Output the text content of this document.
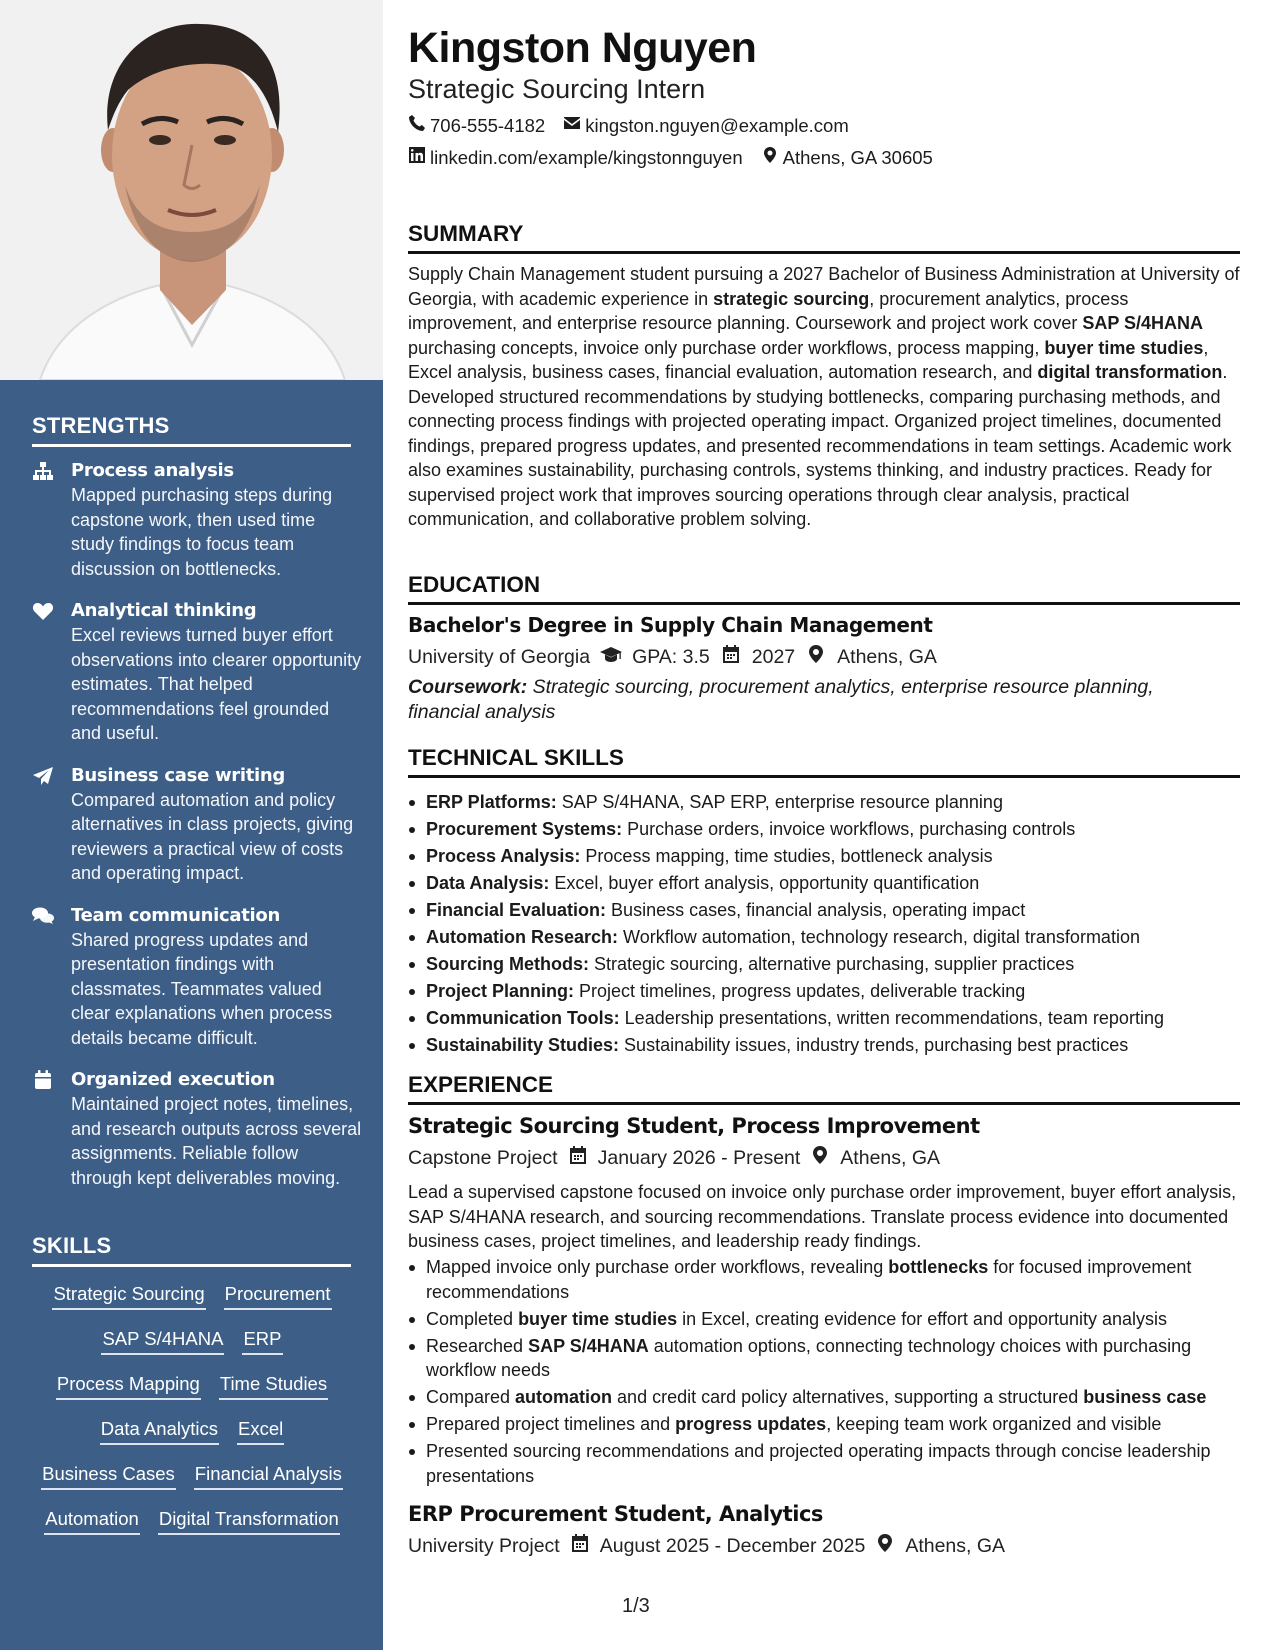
STRENGTHS
Process analysis
Mapped purchasing steps during capstone work, then used time study findings to focus team discussion on bottlenecks.
Analytical thinking
Excel reviews turned buyer effort observations into clearer opportunity estimates. That helped recommendations feel grounded and useful.
Business case writing
Compared automation and policy alternatives in class projects, giving reviewers a practical view of costs and operating impact.
Team communication
Shared progress updates and presentation findings with classmates. Teammates valued clear explanations when process details became difficult.
Organized execution
Maintained project notes, timelines, and research outputs across several assignments. Reliable follow through kept deliverables moving.
SKILLS
Strategic Sourcing Procurement
SAP S/4HANA ERP
Process Mapping Time Studies
Data Analytics Excel
Business Cases Financial Analysis
Automation Digital Transformation
Kingston Nguyen
Strategic Sourcing Intern
706-555-4182 kingston.nguyen@example.com
linkedin.com/example/kingstonnguyen Athens, GA 30605
SUMMARY
Supply Chain Management student pursuing a 2027 Bachelor of Business Administration at University of Georgia, with academic experience in strategic sourcing, procurement analytics, process improvement, and enterprise resource planning. Coursework and project work cover SAP S/4HANA purchasing concepts, invoice only purchase order workflows, process mapping, buyer time studies, Excel analysis, business cases, financial evaluation, automation research, and digital transformation. Developed structured recommendations by studying bottlenecks, comparing purchasing methods, and connecting process findings with projected operating impact. Organized project timelines, documented findings, prepared progress updates, and presented recommendations in team settings. Academic work also examines sustainability, purchasing controls, systems thinking, and industry practices. Ready for supervised project work that improves sourcing operations through clear analysis, practical communication, and collaborative problem solving.
EDUCATION
Bachelor's Degree in Supply Chain Management
University of Georgia GPA: 3.5 2027 Athens, GA
Coursework: Strategic sourcing, procurement analytics, enterprise resource planning, financial analysis
TECHNICAL SKILLS
ERP Platforms: SAP S/4HANA, SAP ERP, enterprise resource planning
Procurement Systems: Purchase orders, invoice workflows, purchasing controls
Process Analysis: Process mapping, time studies, bottleneck analysis
Data Analysis: Excel, buyer effort analysis, opportunity quantification
Financial Evaluation: Business cases, financial analysis, operating impact
Automation Research: Workflow automation, technology research, digital transformation
Sourcing Methods: Strategic sourcing, alternative purchasing, supplier practices
Project Planning: Project timelines, progress updates, deliverable tracking
Communication Tools: Leadership presentations, written recommendations, team reporting
Sustainability Studies: Sustainability issues, industry trends, purchasing best practices
EXPERIENCE
Strategic Sourcing Student, Process Improvement
Capstone Project January 2026 - Present Athens, GA
Lead a supervised capstone focused on invoice only purchase order improvement, buyer effort analysis, SAP S/4HANA research, and sourcing recommendations. Translate process evidence into documented business cases, project timelines, and leadership ready findings.
Mapped invoice only purchase order workflows, revealing bottlenecks for focused improvement recommendations
Completed buyer time studies in Excel, creating evidence for effort and opportunity analysis
Researched SAP S/4HANA automation options, connecting technology choices with purchasing workflow needs
Compared automation and credit card policy alternatives, supporting a structured business case
Prepared project timelines and progress updates, keeping team work organized and visible
Presented sourcing recommendations and projected operating impacts through concise leadership presentations
ERP Procurement Student, Analytics
University Project August 2025 - December 2025 Athens, GA
1/3
